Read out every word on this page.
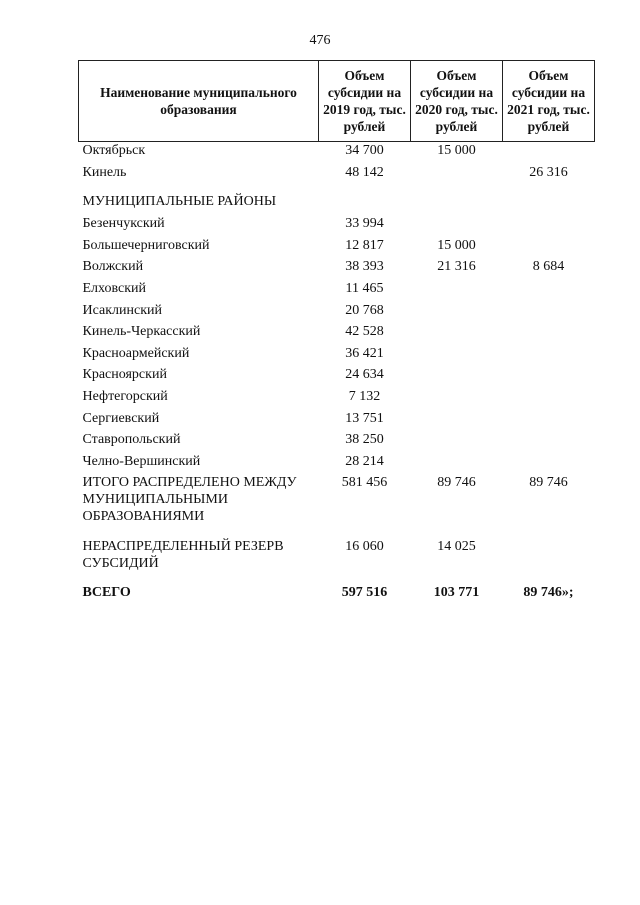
476
Наименование муниципального образования	Объем субсидии на 2019 год, тыс. рублей	Объем субсидии на 2020 год, тыс. рублей	Объем субсидии на 2021 год, тыс. рублей
Октябрьск	34 700	15 000	
Кинель	48 142		26 316
МУНИЦИПАЛЬНЫЕ РАЙОНЫ			
Безенчукский	33 994		
Большечерниговский	12 817	15 000	
Волжский	38 393	21 316	8 684
Елховский	11 465		
Исаклинский	20 768		
Кинель-Черкасский	42 528		
Красноармейский	36 421		
Красноярский	24 634		
Нефтегорский	7 132		
Сергиевский	13 751		
Ставропольский	38 250		
Челно-Вершинский	28 214		
ИТОГО РАСПРЕДЕЛЕНО МЕЖДУ МУНИЦИПАЛЬНЫМИ ОБРАЗОВАНИЯМИ	581 456	89 746	89 746
НЕРАСПРЕДЕЛЕННЫЙ РЕЗЕРВ СУБСИДИЙ	16 060	14 025	
ВСЕГО	597 516	103 771	89 746»;
